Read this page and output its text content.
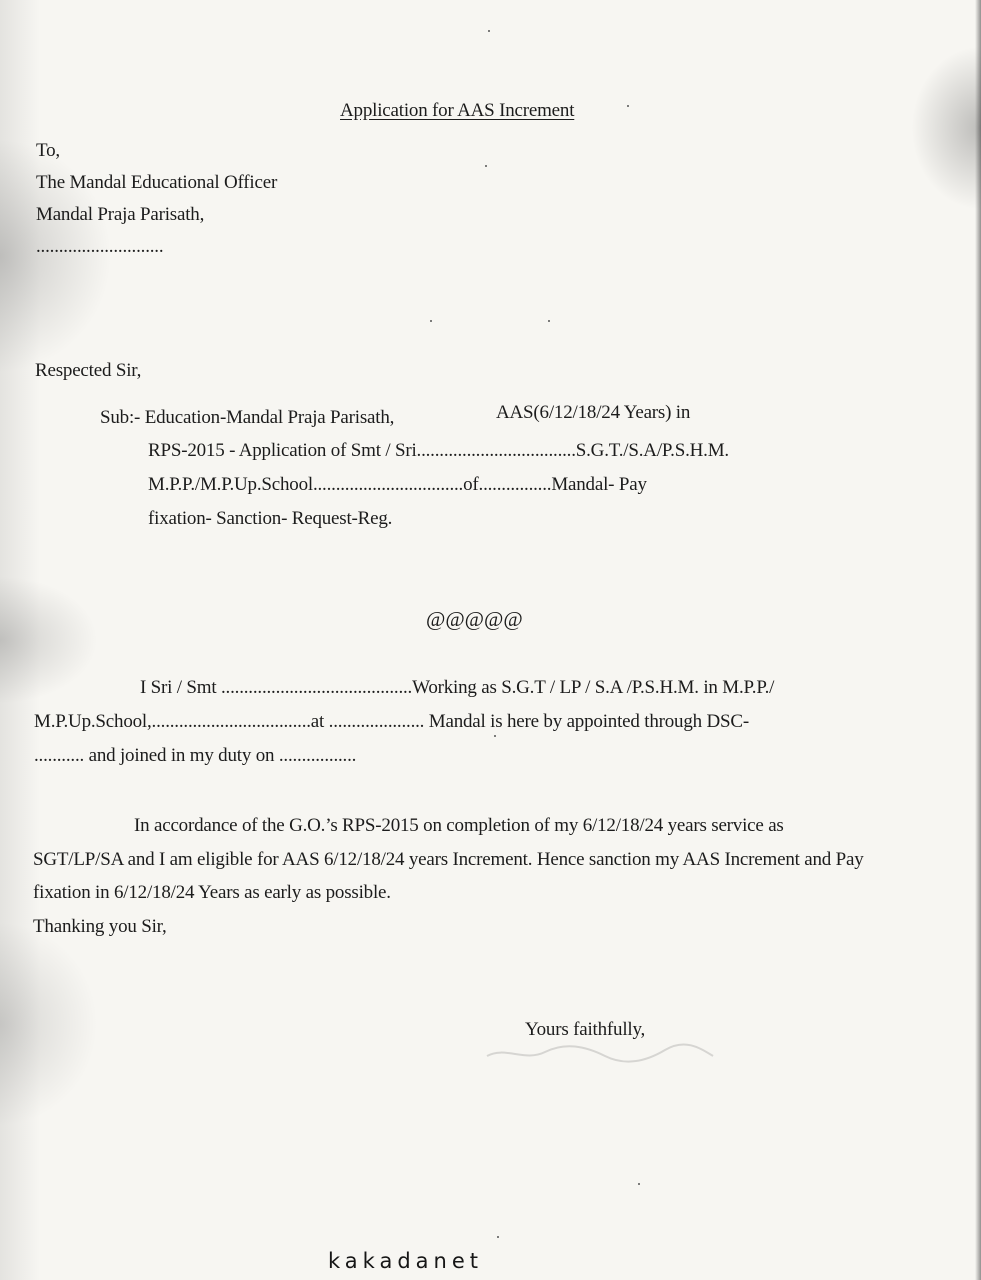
Application for AAS Increment
To,
The Mandal Educational Officer
Mandal Praja Parisath,
............................
Respected Sir,
Sub:- Education-Mandal Praja Parisath,	AAS(6/12/18/24 Years) in
RPS-2015 - Application of Smt / Sri...................................S.G.T./S.A/P.S.H.M.
M.P.P./M.P.Up.School.................................of................Mandal- Pay
fixation- Sanction- Request-Reg.
@@@@@
I Sri / Smt ..........................................Working as S.G.T / LP / S.A /P.S.H.M. in M.P.P./
M.P.Up.School,...................................at ..................... Mandal is here by appointed through DSC-
........... and joined in my duty on .................
In accordance of the G.O.’s RPS-2015 on completion of my 6/12/18/24 years service as
SGT/LP/SA and I am eligible for AAS 6/12/18/24 years Increment. Hence sanction my AAS Increment and Pay
fixation in 6/12/18/24 Years as early as possible.
Thanking you Sir,
Yours faithfully,
kakadanet
